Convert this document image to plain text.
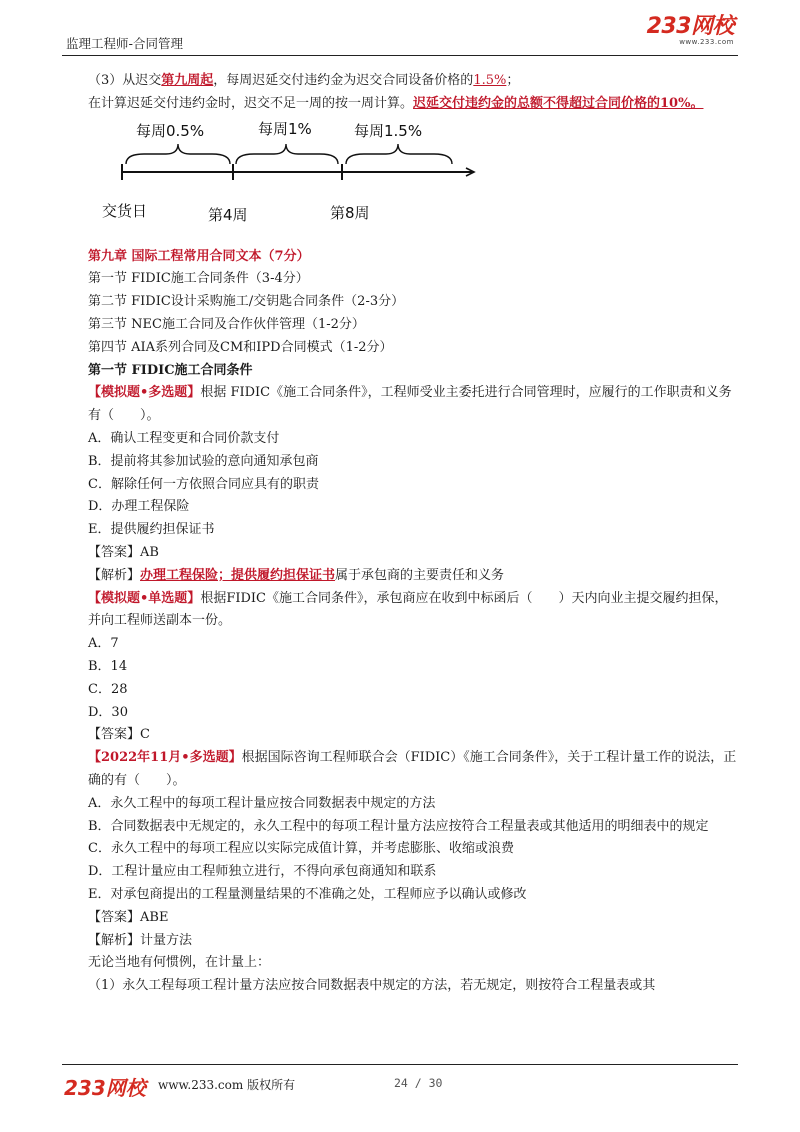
监理工程师-合同管理
233网校
www.233.com

（3）从迟交第九周起，每周迟延交付违约金为迟交合同设备价格的1.5%；

在计算迟延交付违约金时，迟交不足一周的按一周计算。迟延交付违约金的总额不得超过合同价格的10%。

每周0.5%	每周1%	每周1.5%
交货日	第4周	第8周

第九章 国际工程常用合同文本（7分）

第一节 FIDIC施工合同条件（3-4分）

第二节 FIDIC设计采购施工/交钥匙合同条件（2-3分）

第三节 NEC施工合同及合作伙伴管理（1-2分）

第四节 AIA系列合同及CM和IPD合同模式（1-2分）

第一节 FIDIC施工合同条件

【模拟题•多选题】根据 FIDIC《施工合同条件》，工程师受业主委托进行合同管理时，应履行的工作职责和义务有（　　）。

A．确认工程变更和合同价款支付

B．提前将其参加试验的意向通知承包商

C．解除任何一方依照合同应具有的职责

D．办理工程保险

E．提供履约担保证书

【答案】AB

【解析】办理工程保险；提供履约担保证书属于承包商的主要责任和义务

【模拟题•单选题】根据FIDIC《施工合同条件》，承包商应在收到中标函后（　　）天内向业主提交履约担保，并向工程师送副本一份。

A．7

B．14

C．28

D．30

【答案】C

【2022年11月•多选题】根据国际咨询工程师联合会（FIDIC）《施工合同条件》，关于工程计量工作的说法，正确的有（　　）。

A．永久工程中的每项工程计量应按合同数据表中规定的方法

B．合同数据表中无规定的，永久工程中的每项工程计量方法应按符合工程量表或其他适用的明细表中的规定

C．永久工程中的每项工程应以实际完成值计算，并考虑膨胀、收缩或浪费

D．工程计量应由工程师独立进行，不得向承包商通知和联系

E．对承包商提出的工程量测量结果的不准确之处，工程师应予以确认或修改

【答案】ABE

【解析】计量方法

无论当地有何惯例，在计量上：

（1）永久工程每项工程计量方法应按合同数据表中规定的方法，若无规定，则按符合工程量表或其

233网校 www.233.com 版权所有	24 / 30
